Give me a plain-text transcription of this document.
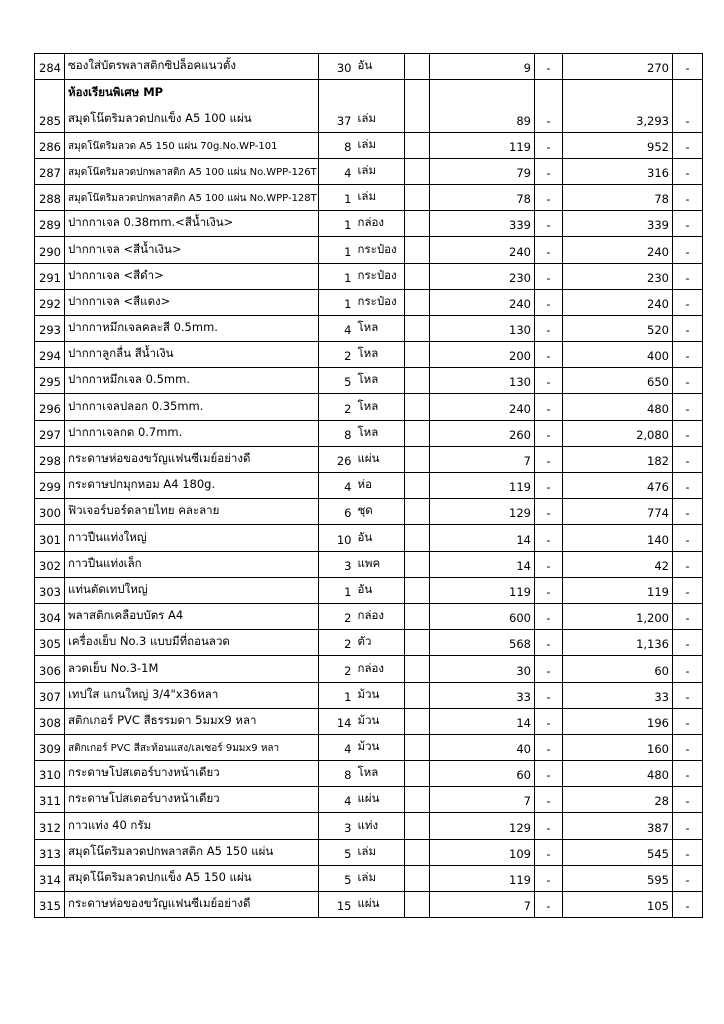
284	ซองใส่บัตรพลาสติกซิปล็อคแนวตั้ง	30	อัน		9	-	270	-
	ห้องเรียนพิเศษ MP							
285	สมุดโน๊ตริมลวดปกแข็ง A5 100 แผ่น	37	เล่ม		89	-	3,293	-
286	สมุดโน๊ตริมลวด A5 150 แผ่น 70g.No.WP-101	8	เล่ม		119	-	952	-
287	สมุดโน๊ตริมลวดปกพลาสติก A5 100 แผ่น No.WPP-126T	4	เล่ม		79	-	316	-
288	สมุดโน๊ตริมลวดปกพลาสติก A5 100 แผ่น No.WPP-128T	1	เล่ม		78	-	78	-
289	ปากกาเจล 0.38mm.<สีน้ำเงิน>	1	กล่อง		339	-	339	-
290	ปากกาเจล <สีน้ำเงิน>	1	กระป๋อง		240	-	240	-
291	ปากกาเจล <สีดำ>	1	กระป๋อง		230	-	230	-
292	ปากกาเจล <สีแดง>	1	กระป๋อง		240	-	240	-
293	ปากกาหมึกเจลคละสี 0.5mm.	4	โหล		130	-	520	-
294	ปากกาลูกลื่น สีน้ำเงิน	2	โหล		200	-	400	-
295	ปากกาหมึกเจล 0.5mm.	5	โหล		130	-	650	-
296	ปากกาเจลปลอก 0.35mm.	2	โหล		240	-	480	-
297	ปากกาเจลกด 0.7mm.	8	โหล		260	-	2,080	-
298	กระดาษห่อของขวัญแฟนซีเมย์อย่างดี	26	แผ่น		7	-	182	-
299	กระดาษปกมุกหอม A4 180g.	4	ห่อ		119	-	476	-
300	ฟิวเจอร์บอร์ดลายไทย คละลาย	6	ชุด		129	-	774	-
301	กาวปืนแท่งใหญ่	10	อัน		14	-	140	-
302	กาวปืนแท่งเล็ก	3	แพค		14	-	42	-
303	แท่นตัดเทปใหญ่	1	อัน		119	-	119	-
304	พลาสติกเคลือบบัตร A4	2	กล่อง		600	-	1,200	-
305	เครื่องเย็บ No.3 แบบมีที่ถอนลวด	2	ตัว		568	-	1,136	-
306	ลวดเย็บ No.3-1M	2	กล่อง		30	-	60	-
307	เทปใส แกนใหญ่ 3/4"x36หลา	1	ม้วน		33	-	33	-
308	สติกเกอร์ PVC สีธรรมดา 5มมx9 หลา	14	ม้วน		14	-	196	-
309	สติกเกอร์ PVC สีสะท้อนแสง/เลเซอร์ 9มมx9 หลา	4	ม้วน		40	-	160	-
310	กระดาษโปสเตอร์บางหน้าเดียว	8	โหล		60	-	480	-
311	กระดาษโปสเตอร์บางหน้าเดียว	4	แผ่น		7	-	28	-
312	กาวแท่ง 40 กรัม	3	แท่ง		129	-	387	-
313	สมุดโน๊ตริมลวดปกพลาสติก A5 150 แผ่น	5	เล่ม		109	-	545	-
314	สมุดโน๊ตริมลวดปกแข็ง A5 150 แผ่น	5	เล่ม		119	-	595	-
315	กระดาษห่อของขวัญแฟนซีเมย์อย่างดี	15	แผ่น		7	-	105	-
